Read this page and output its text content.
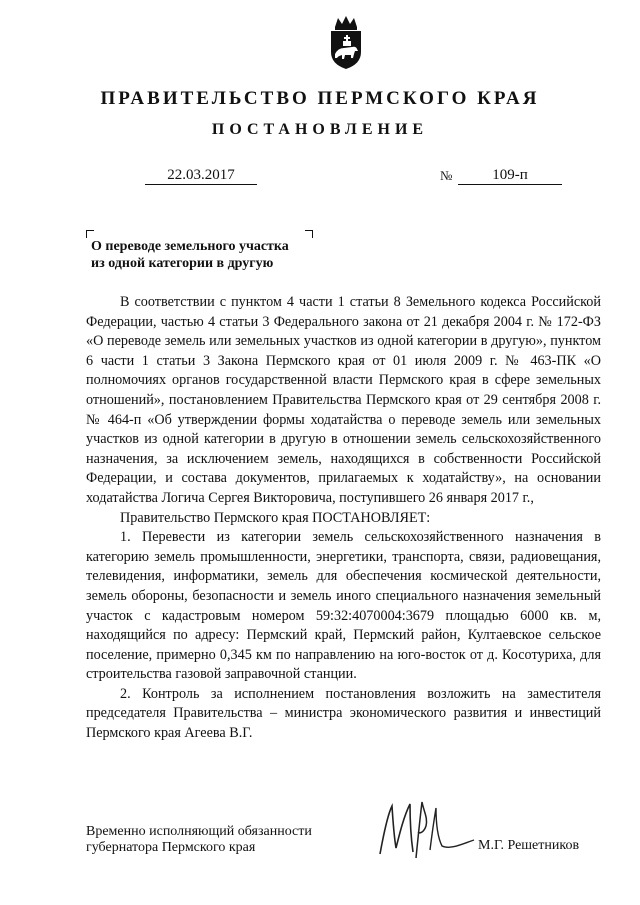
ПРАВИТЕЛЬСТВО ПЕРМСКОГО КРАЯ
ПОСТАНОВЛЕНИЕ
22.03.2017	№	109-п
О переводе земельного участка
из одной категории в другую

В соответствии с пунктом 4 части 1 статьи 8 Земельного кодекса Российской Федерации, частью 4 статьи 3 Федерального закона от 21 декабря 2004 г. № 172-ФЗ «О переводе земель или земельных участков из одной категории в другую», пунктом 6 части 1 статьи 3 Закона Пермского края от 01 июля 2009 г. № 463-ПК «О полномочиях органов государственной власти Пермского края в сфере земельных отношений», постановлением Правительства Пермского края от 29 сентября 2008 г. № 464-п «Об утверждении формы ходатайства о переводе земель или земельных участков из одной категории в другую в отношении земель сельскохозяйственного назначения, за исключением земель, находящихся в собственности Российской Федерации, и состава документов, прилагаемых к ходатайству», на основании ходатайства Логича Сергея Викторовича, поступившего 26 января 2017 г.,

Правительство Пермского края ПОСТАНОВЛЯЕТ:

1. Перевести из категории земель сельскохозяйственного назначения в категорию земель промышленности, энергетики, транспорта, связи, радиовещания, телевидения, информатики, земель для обеспечения космической деятельности, земель обороны, безопасности и земель иного специального назначения земельный участок с кадастровым номером 59:32:4070004:3679 площадью 6000 кв. м, находящийся по адресу: Пермский край, Пермский район, Култаевское сельское поселение, примерно 0,345 км по направлению на юго-восток от д. Косотуриха, для строительства газовой заправочной станции.

2. Контроль за исполнением постановления возложить на заместителя председателя Правительства – министра экономического развития и инвестиций Пермского края Агеева В.Г.

Временно исполняющий обязанности
губернатора Пермского края	М.Г. Решетников
